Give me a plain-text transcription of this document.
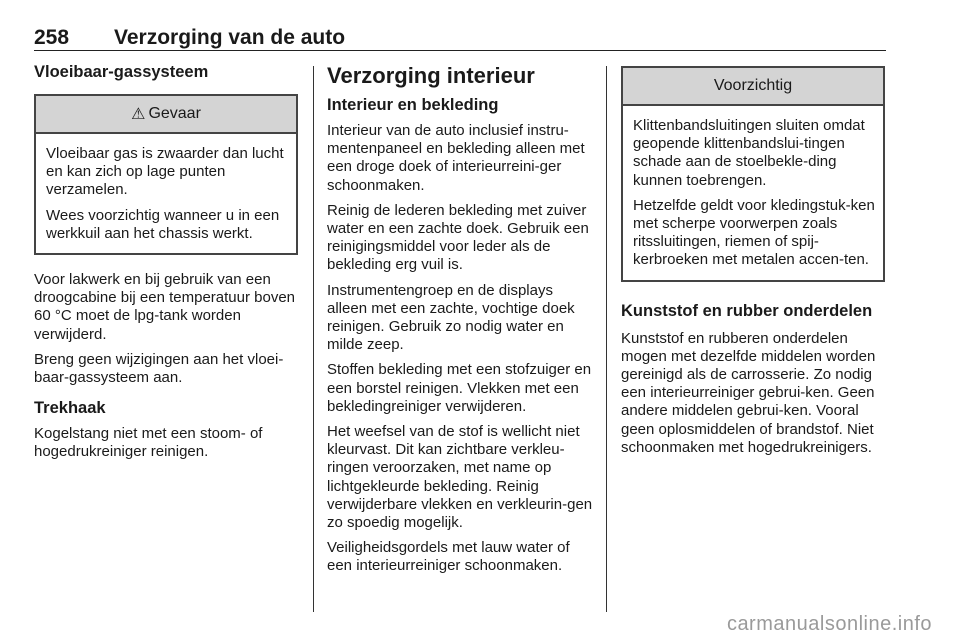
258 Verzorging van de auto
Vloeibaar-gassysteem
⚠ Gevaar

Vloeibaar gas is zwaarder dan lucht en kan zich op lage punten verzamelen.

Wees voorzichtig wanneer u in een werkkuil aan het chassis werkt.

Voor lakwerk en bij gebruik van een droogcabine bij een temperatuur boven 60 °C moet de lpg-tank worden verwijderd.

Breng geen wijzigingen aan het vloei-baar-gassysteem aan.

Trekhaak

Kogelstang niet met een stoom- of hogedrukreiniger reinigen.

Verzorging interieur
Interieur en bekleding

Interieur van de auto inclusief instru-mentenpaneel en bekleding alleen met een droge doek of interieurreini-ger schoonmaken.

Reinig de lederen bekleding met zuiver water en een zachte doek. Gebruik een reinigingsmiddel voor leder als de bekleding erg vuil is.

Instrumentengroep en de displays alleen met een zachte, vochtige doek reinigen. Gebruik zo nodig water en milde zeep.

Stoffen bekleding met een stofzuiger en een borstel reinigen. Vlekken met een bekledingreiniger verwijderen.

Het weefsel van de stof is wellicht niet kleurvast. Dit kan zichtbare verkleu-ringen veroorzaken, met name op lichtgekleurde bekleding. Reinig verwijderbare vlekken en verkleurin-gen zo spoedig mogelijk.

Veiligheidsgordels met lauw water of een interieurreiniger schoonmaken.

Voorzichtig

Klittenbandsluitingen sluiten omdat geopende klittenbandslui-tingen schade aan de stoelbekle-ding kunnen toebrengen.

Hetzelfde geldt voor kledingstuk-ken met scherpe voorwerpen zoals ritssluitingen, riemen of spij-kerbroeken met metalen accen-ten.

Kunststof en rubber onderdelen

Kunststof en rubberen onderdelen mogen met dezelfde middelen worden gereinigd als de carrosserie. Zo nodig een interieurreiniger gebrui-ken. Geen andere middelen gebrui-ken. Vooral geen oplosmiddelen of brandstof. Niet schoonmaken met hogedrukreinigers.

carmanualsonline.info
